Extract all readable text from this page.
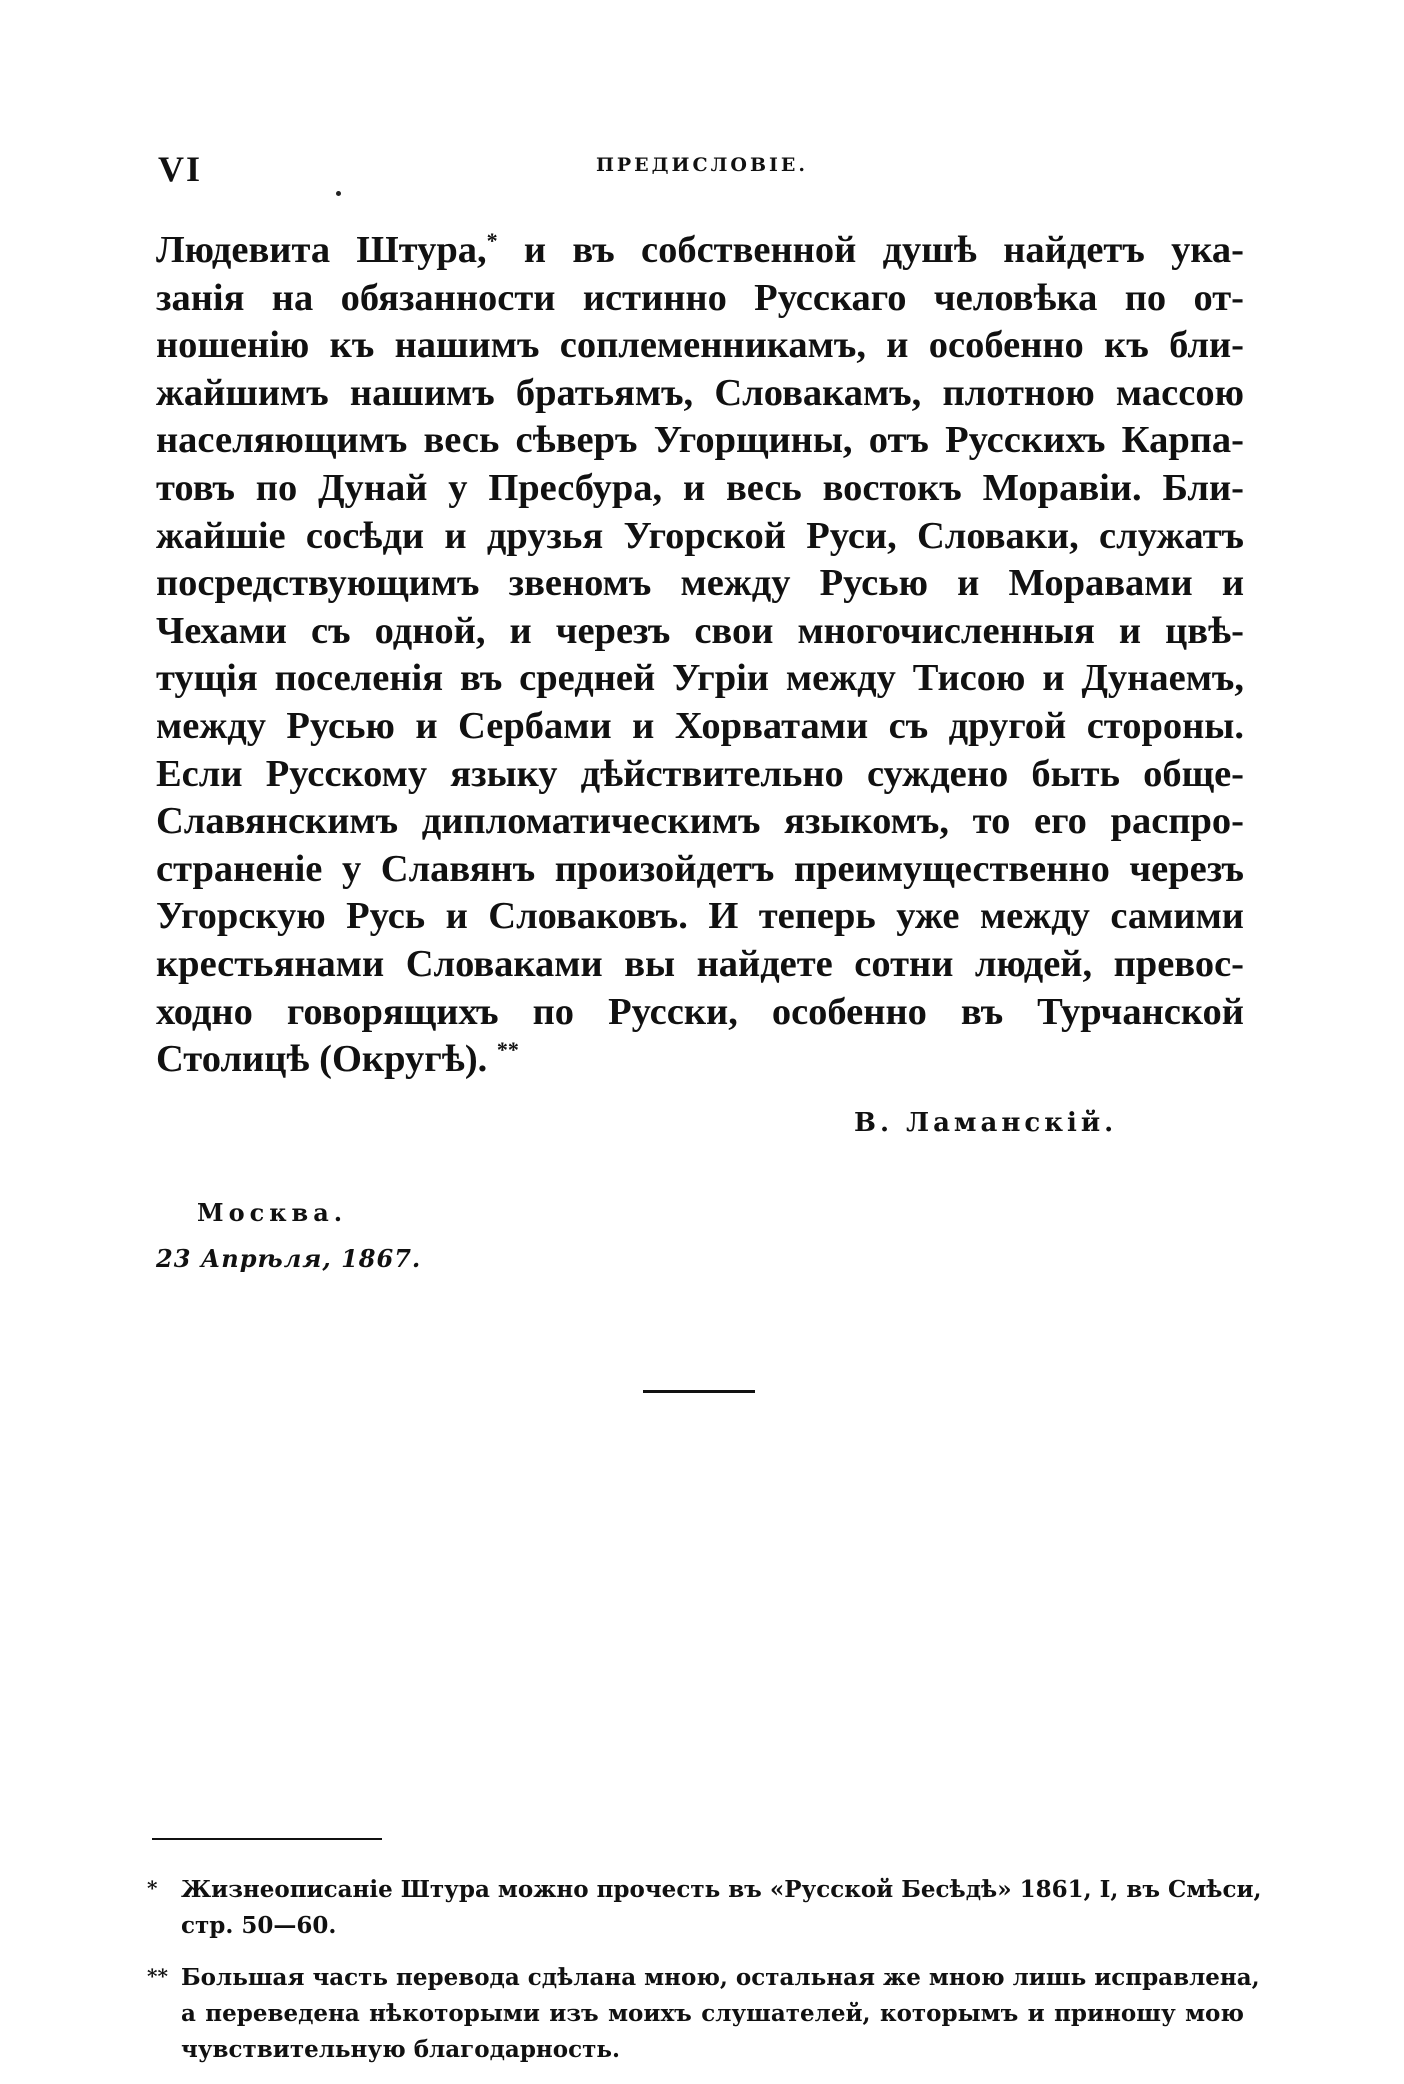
VI	ПРЕДИСЛОВІЕ.
Людевита Штура,* и въ собственной душѣ найдетъ ука-
занія на обязанности истинно Русскаго человѣка по от-
ношенію къ нашимъ соплеменникамъ, и особенно къ бли-
жайшимъ нашимъ братьямъ, Словакамъ, плотною массою
населяющимъ весь сѣверъ Угорщины, отъ Русскихъ Карпа-
товъ по Дунай у Пресбура, и весь востокъ Моравіи. Бли-
жайшіе сосѣди и друзья Угорской Руси, Словаки, служатъ
посредствующимъ звеномъ между Русью и Моравами и
Чехами съ одной, и черезъ свои многочисленныя и цвѣ-
тущія поселенія въ средней Угріи между Тисою и Дунаемъ,
между Русью и Сербами и Хорватами съ другой стороны.
Если Русскому языку дѣйствительно суждено быть обще-
Славянскимъ дипломатическимъ языкомъ, то его распро-
страненіе у Славянъ произойдетъ преимущественно черезъ
Угорскую Русь и Словаковъ. И теперь уже между самими
крестьянами Словаками вы найдете сотни людей, превос-
ходно говорящихъ по Русски, особенно въ Турчанской
Столицѣ (Округѣ). **
В. Ламанскій.
Москва.
23 Апрѣля, 1867.
* Жизнеописаніе Штура можно прочесть въ «Русской Бесѣдѣ» 1861, I, въ Смѣси,
стр. 50—60.
** Большая часть перевода сдѣлана мною, остальная же мною лишь исправлена,
а переведена нѣкоторыми изъ моихъ слушателей, которымъ и приношу мою
чувствительную благодарность.
